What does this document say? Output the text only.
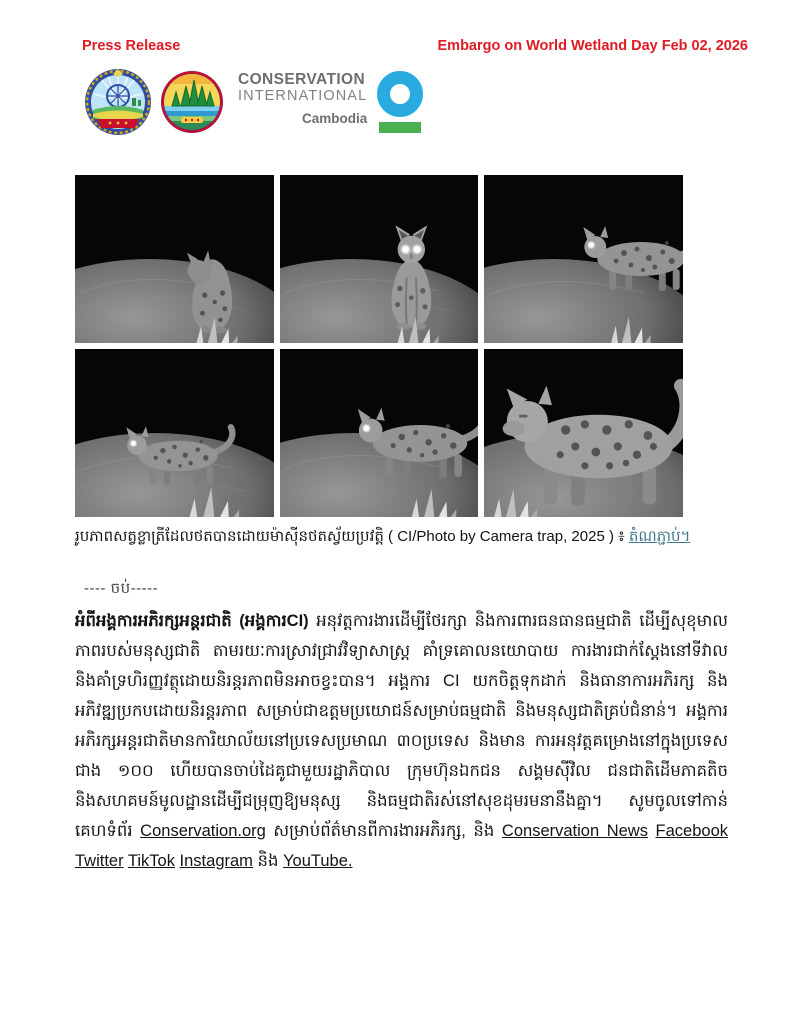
Press Release	Embargo on World Wetland Day Feb 02, 2026
CONSERVATION
INTERNATIONAL
Cambodia

រូបភាពសត្វខ្លាត្រីដែលថតបានដោយម៉ាស៊ីនថតស្វ័យប្រវត្តិ ( CI/Photo by Camera trap, 2025 ) ៖ តំណភ្ជាប់។

---- ចប់-----

អំពីអង្គការអភិរក្សអន្តរជាតិ (អង្គការCI) អនុវត្តការងារដើម្បីថែរក្សា និងការពារធនធានធម្មជាតិ ដើម្បីសុខុមាលភាពរបស់មនុស្សជាតិ តាមរយៈការស្រាវជ្រាវវិទ្យាសាស្ត្រ គាំទ្រគោលនយោបាយ ការងារជាក់ស្តែងនៅទីវាល និងគាំទ្រហិរញ្ញវត្ថុដោយនិរន្តរភាពមិនអាចខ្វះបាន។ អង្គការ CI យកចិត្តទុកដាក់ និងធានាការអភិរក្ស និងអភិវឌ្ឍប្រកបដោយនិរន្តរភាព សម្រាប់ជាឧត្តមប្រយោជន៍សម្រាប់ធម្មជាតិ និងមនុស្សជាតិគ្រប់ជំនាន់។ អង្គការអភិរក្សអន្តរជាតិមានការិយាល័យនៅប្រទេសប្រមាណ ៣០ប្រទេស និងមាន ការអនុវត្តគម្រោងនៅក្នុងប្រទេសជាង ១០០ ហើយបានចាប់ដៃគូជាមួយរដ្ឋាភិបាល ក្រុមហ៊ុនឯកជន សង្គមស៊ីវិល ជនជាតិដើមភាគតិច និងសហគមន៍មូលដ្ឋានដើម្បីជម្រុញឱ្យមនុស្ស និងធម្មជាតិរស់នៅសុខដុមរមនានឹងគ្នា។ សូមចូលទៅកាន់គេហទំព័រ Conservation.org សម្រាប់ព័ត៌មានពីការងារអភិរក្ស, និង Conservation News Facebook Twitter TikTok Instagram និង YouTube.
